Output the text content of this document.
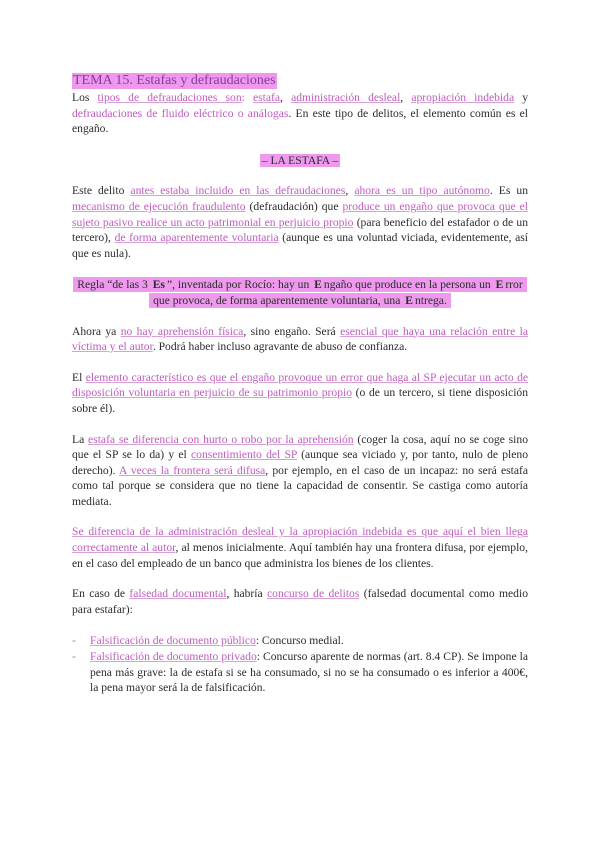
TEMA 15. Estafas y defraudaciones

Los tipos de defraudaciones son: estafa, administración desleal, apropiación indebida y defraudaciones de fluido eléctrico o análogas. En este tipo de delitos, el elemento común es el engaño.

– LA ESTAFA –

Este delito antes estaba incluido en las defraudaciones, ahora es un tipo autónomo. Es un mecanismo de ejecución fraudulento (defraudación) que produce un engaño que provoca que el sujeto pasivo realice un acto patrimonial en perjuicio propio (para beneficio del estafador o de un tercero), de forma aparentemente voluntaria (aunque es una voluntad viciada, evidentemente, así que es nula).

Regla “de las 3 Es ”, inventada por Rocío: hay un E ngaño que produce en la persona un E rror que provoca, de forma aparentemente voluntaria, una E ntrega.

Ahora ya no hay aprehensión física, sino engaño. Será esencial que haya una relación entre la víctima y el autor. Podrá haber incluso agravante de abuso de confianza.

El elemento característico es que el engaño provoque un error que haga al SP ejecutar un acto de disposición voluntaria en perjuicio de su patrimonio propio (o de un tercero, si tiene disposición sobre él).

La estafa se diferencia con hurto o robo por la aprehensión (coger la cosa, aquí no se coge sino que el SP se lo da) y el consentimiento del SP (aunque sea viciado y, por tanto, nulo de pleno derecho). A veces la frontera será difusa, por ejemplo, en el caso de un incapaz: no será estafa como tal porque se considera que no tiene la capacidad de consentir. Se castiga como autoría mediata.

Se diferencia de la administración desleal y la apropiación indebida es que aquí el bien llega correctamente al autor, al menos inicialmente. Aquí también hay una frontera difusa, por ejemplo, en el caso del empleado de un banco que administra los bienes de los clientes.

En caso de falsedad documental, habría concurso de delitos (falsedad documental como medio para estafar):

- Falsificación de documento público: Concurso medial.
- Falsificación de documento privado: Concurso aparente de normas (art. 8.4 CP). Se impone la pena más grave: la de estafa si se ha consumado, si no se ha consumado o es inferior a 400€, la pena mayor será la de falsificación.
